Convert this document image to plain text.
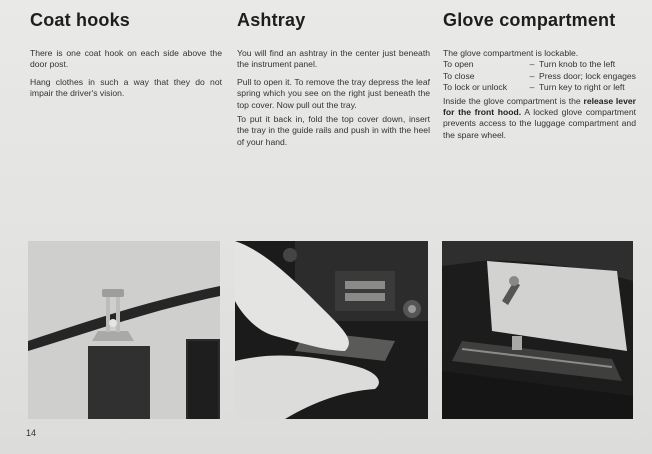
Coat hooks

There is one coat hook on each side above the door post.

Hang clothes in such a way that they do not impair the driver's vision.

Ashtray

You will find an ashtray in the center just beneath the instrument panel.

Pull to open it. To remove the tray depress the leaf spring which you see on the right just beneath the top cover. Now pull out the tray.

To put it back in, fold the top cover down, insert the tray in the guide rails and push in with the heel of your hand.

Glove compartment

The glove compartment is lockable.

To open	– Turn knob to the left
To close	– Press door; lock engages
To lock or unlock	– Turn key to right or left

Inside the glove compartment is the release lever for the front hood. A locked glove compartment prevents access to the luggage compartment and the spare wheel.

14
